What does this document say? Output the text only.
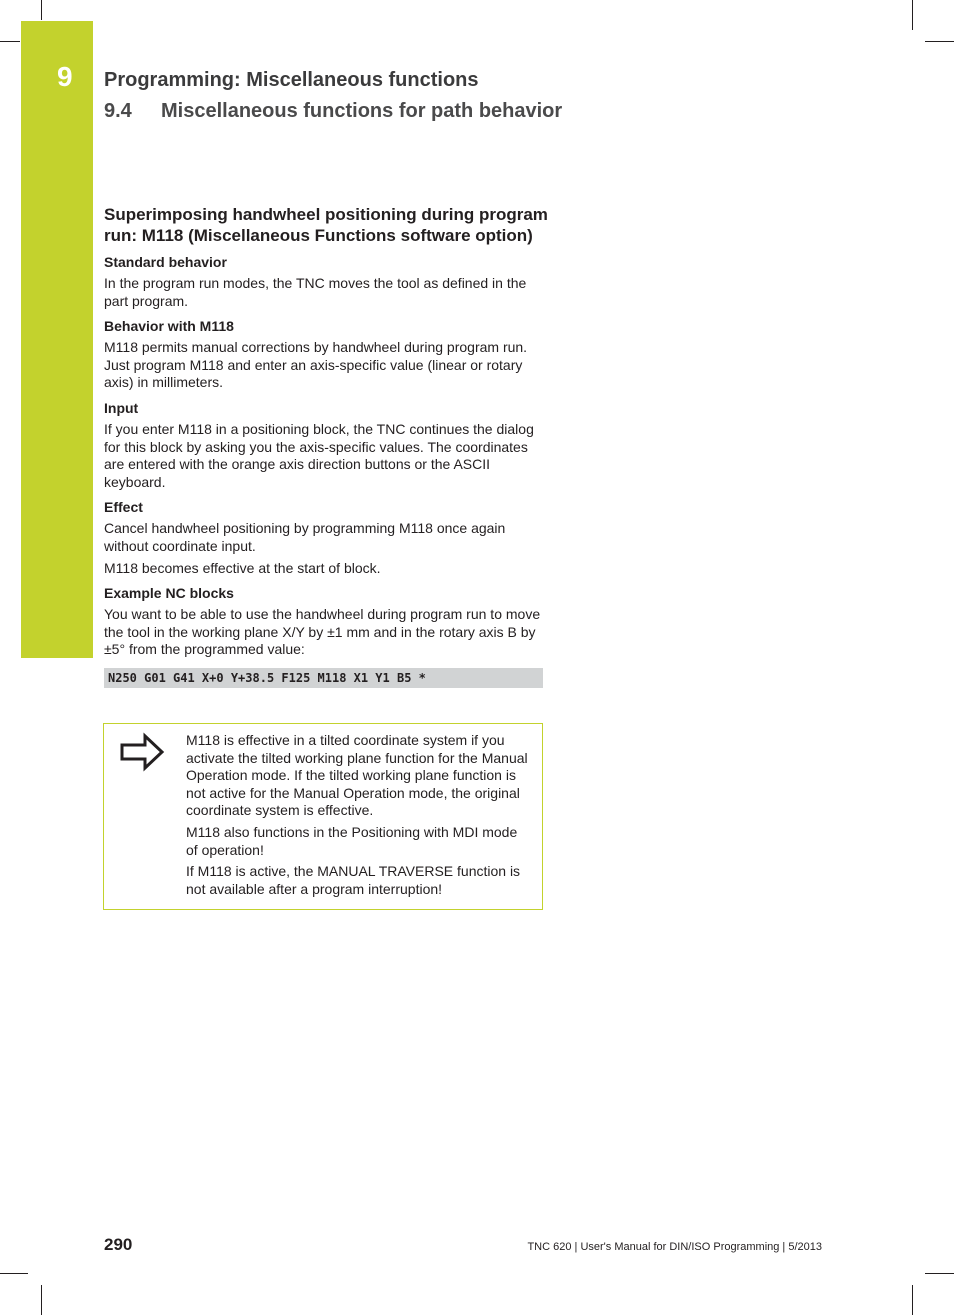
9	Programming: Miscellaneous functions
9.4 Miscellaneous functions for path behavior
Superimposing handwheel positioning during program run: M118 (Miscellaneous Functions software option)
Standard behavior
In the program run modes, the TNC moves the tool as defined in the part program.
Behavior with M118
M118 permits manual corrections by handwheel during program run. Just program M118 and enter an axis-specific value (linear or rotary axis) in millimeters.
Input
If you enter M118 in a positioning block, the TNC continues the dialog for this block by asking you the axis-specific values. The coordinates are entered with the orange axis direction buttons or the ASCII keyboard.
Effect
Cancel handwheel positioning by programming M118 once again without coordinate input.
M118 becomes effective at the start of block.
Example NC blocks
You want to be able to use the handwheel during program run to move the tool in the working plane X/Y by ±1 mm and in the rotary axis B by ±5° from the programmed value:
N250 G01 G41 X+0 Y+38.5 F125 M118 X1 Y1 B5 *
M118 is effective in a tilted coordinate system if you activate the tilted working plane function for the Manual Operation mode. If the tilted working plane function is not active for the Manual Operation mode, the original coordinate system is effective.
M118 also functions in the Positioning with MDI mode of operation!
If M118 is active, the MANUAL TRAVERSE function is not available after a program interruption!
290	TNC 620 | User's Manual for DIN/ISO Programming | 5/2013
